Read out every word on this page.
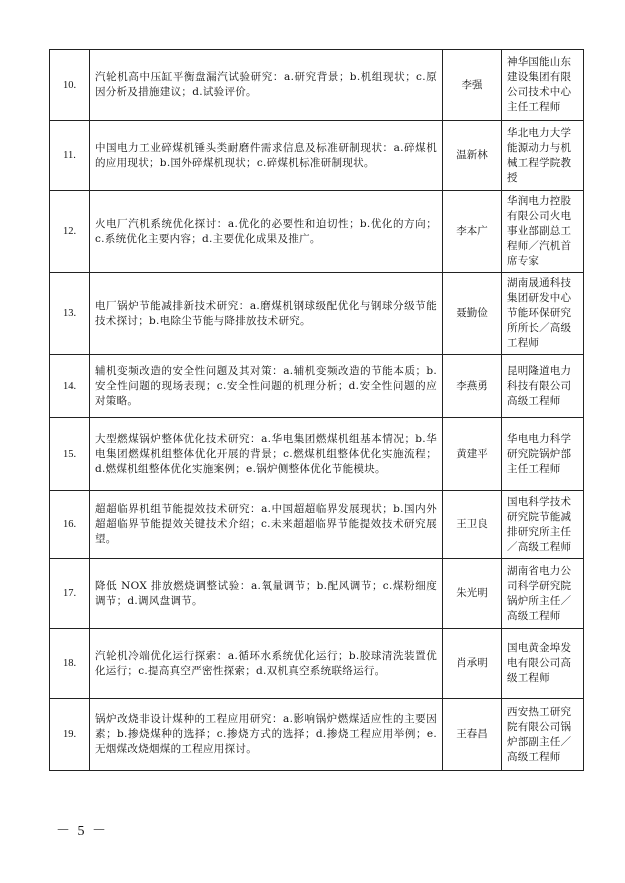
10.	汽轮机高中压缸平衡盘漏汽试验研究：a.研究背景；b.机组现状；c.原因分析及措施建议；d.试验评价。	李强	神华国能山东建设集团有限公司技术中心主任工程师
11.	中国电力工业碎煤机锤头类耐磨件需求信息及标准研制现状：a.碎煤机的应用现状；b.国外碎煤机现状；c.碎煤机标准研制现状。	温新林	华北电力大学能源动力与机械工程学院教授
12.	火电厂汽机系统优化探讨：a.优化的必要性和迫切性；b.优化的方向；c.系统优化主要内容；d.主要优化成果及推广。	李本广	华润电力控股有限公司火电事业部副总工程师／汽机首席专家
13.	电厂锅炉节能减排新技术研究：a.磨煤机钢球级配优化与钢球分级节能技术探讨；b.电除尘节能与降排放技术研究。	聂勤俭	湖南晟通科技集团研发中心节能环保研究所所长／高级工程师
14.	辅机变频改造的安全性问题及其对策：a.辅机变频改造的节能本质；b.安全性问题的现场表现；c.安全性问题的机理分析；d.安全性问题的应对策略。	李燕勇	昆明隆道电力科技有限公司高级工程师
15.	大型燃煤锅炉整体优化技术研究：a.华电集团燃煤机组基本情况；b.华电集团燃煤机组整体优化开展的背景；c.燃煤机组整体优化实施流程；d.燃煤机组整体优化实施案例；e.锅炉侧整体优化节能模块。	黄建平	华电电力科学研究院锅炉部主任工程师
16.	超超临界机组节能提效技术研究：a.中国超超临界发展现状；b.国内外超超临界节能提效关键技术介绍；c.未来超超临界节能提效技术研究展望。	王卫良	国电科学技术研究院节能减排研究所主任／高级工程师
17.	降低 NOX 排放燃烧调整试验：a.氧量调节；b.配风调节；c.煤粉细度调节；d.调风盘调节。	朱光明	湖南省电力公司科学研究院锅炉所主任／高级工程师
18.	汽轮机冷端优化运行探索：a.循环水系统优化运行；b.胶球清洗装置优化运行；c.提高真空严密性探索；d.双机真空系统联络运行。	肖承明	国电黄金埠发电有限公司高级工程师
19.	锅炉改烧非设计煤种的工程应用研究：a.影响锅炉燃煤适应性的主要因素；b.掺烧煤种的选择；c.掺烧方式的选择；d.掺烧工程应用举例；e.无烟煤改烧烟煤的工程应用探讨。	王春昌	西安热工研究院有限公司锅炉部副主任／高级工程师
－ 5 －
